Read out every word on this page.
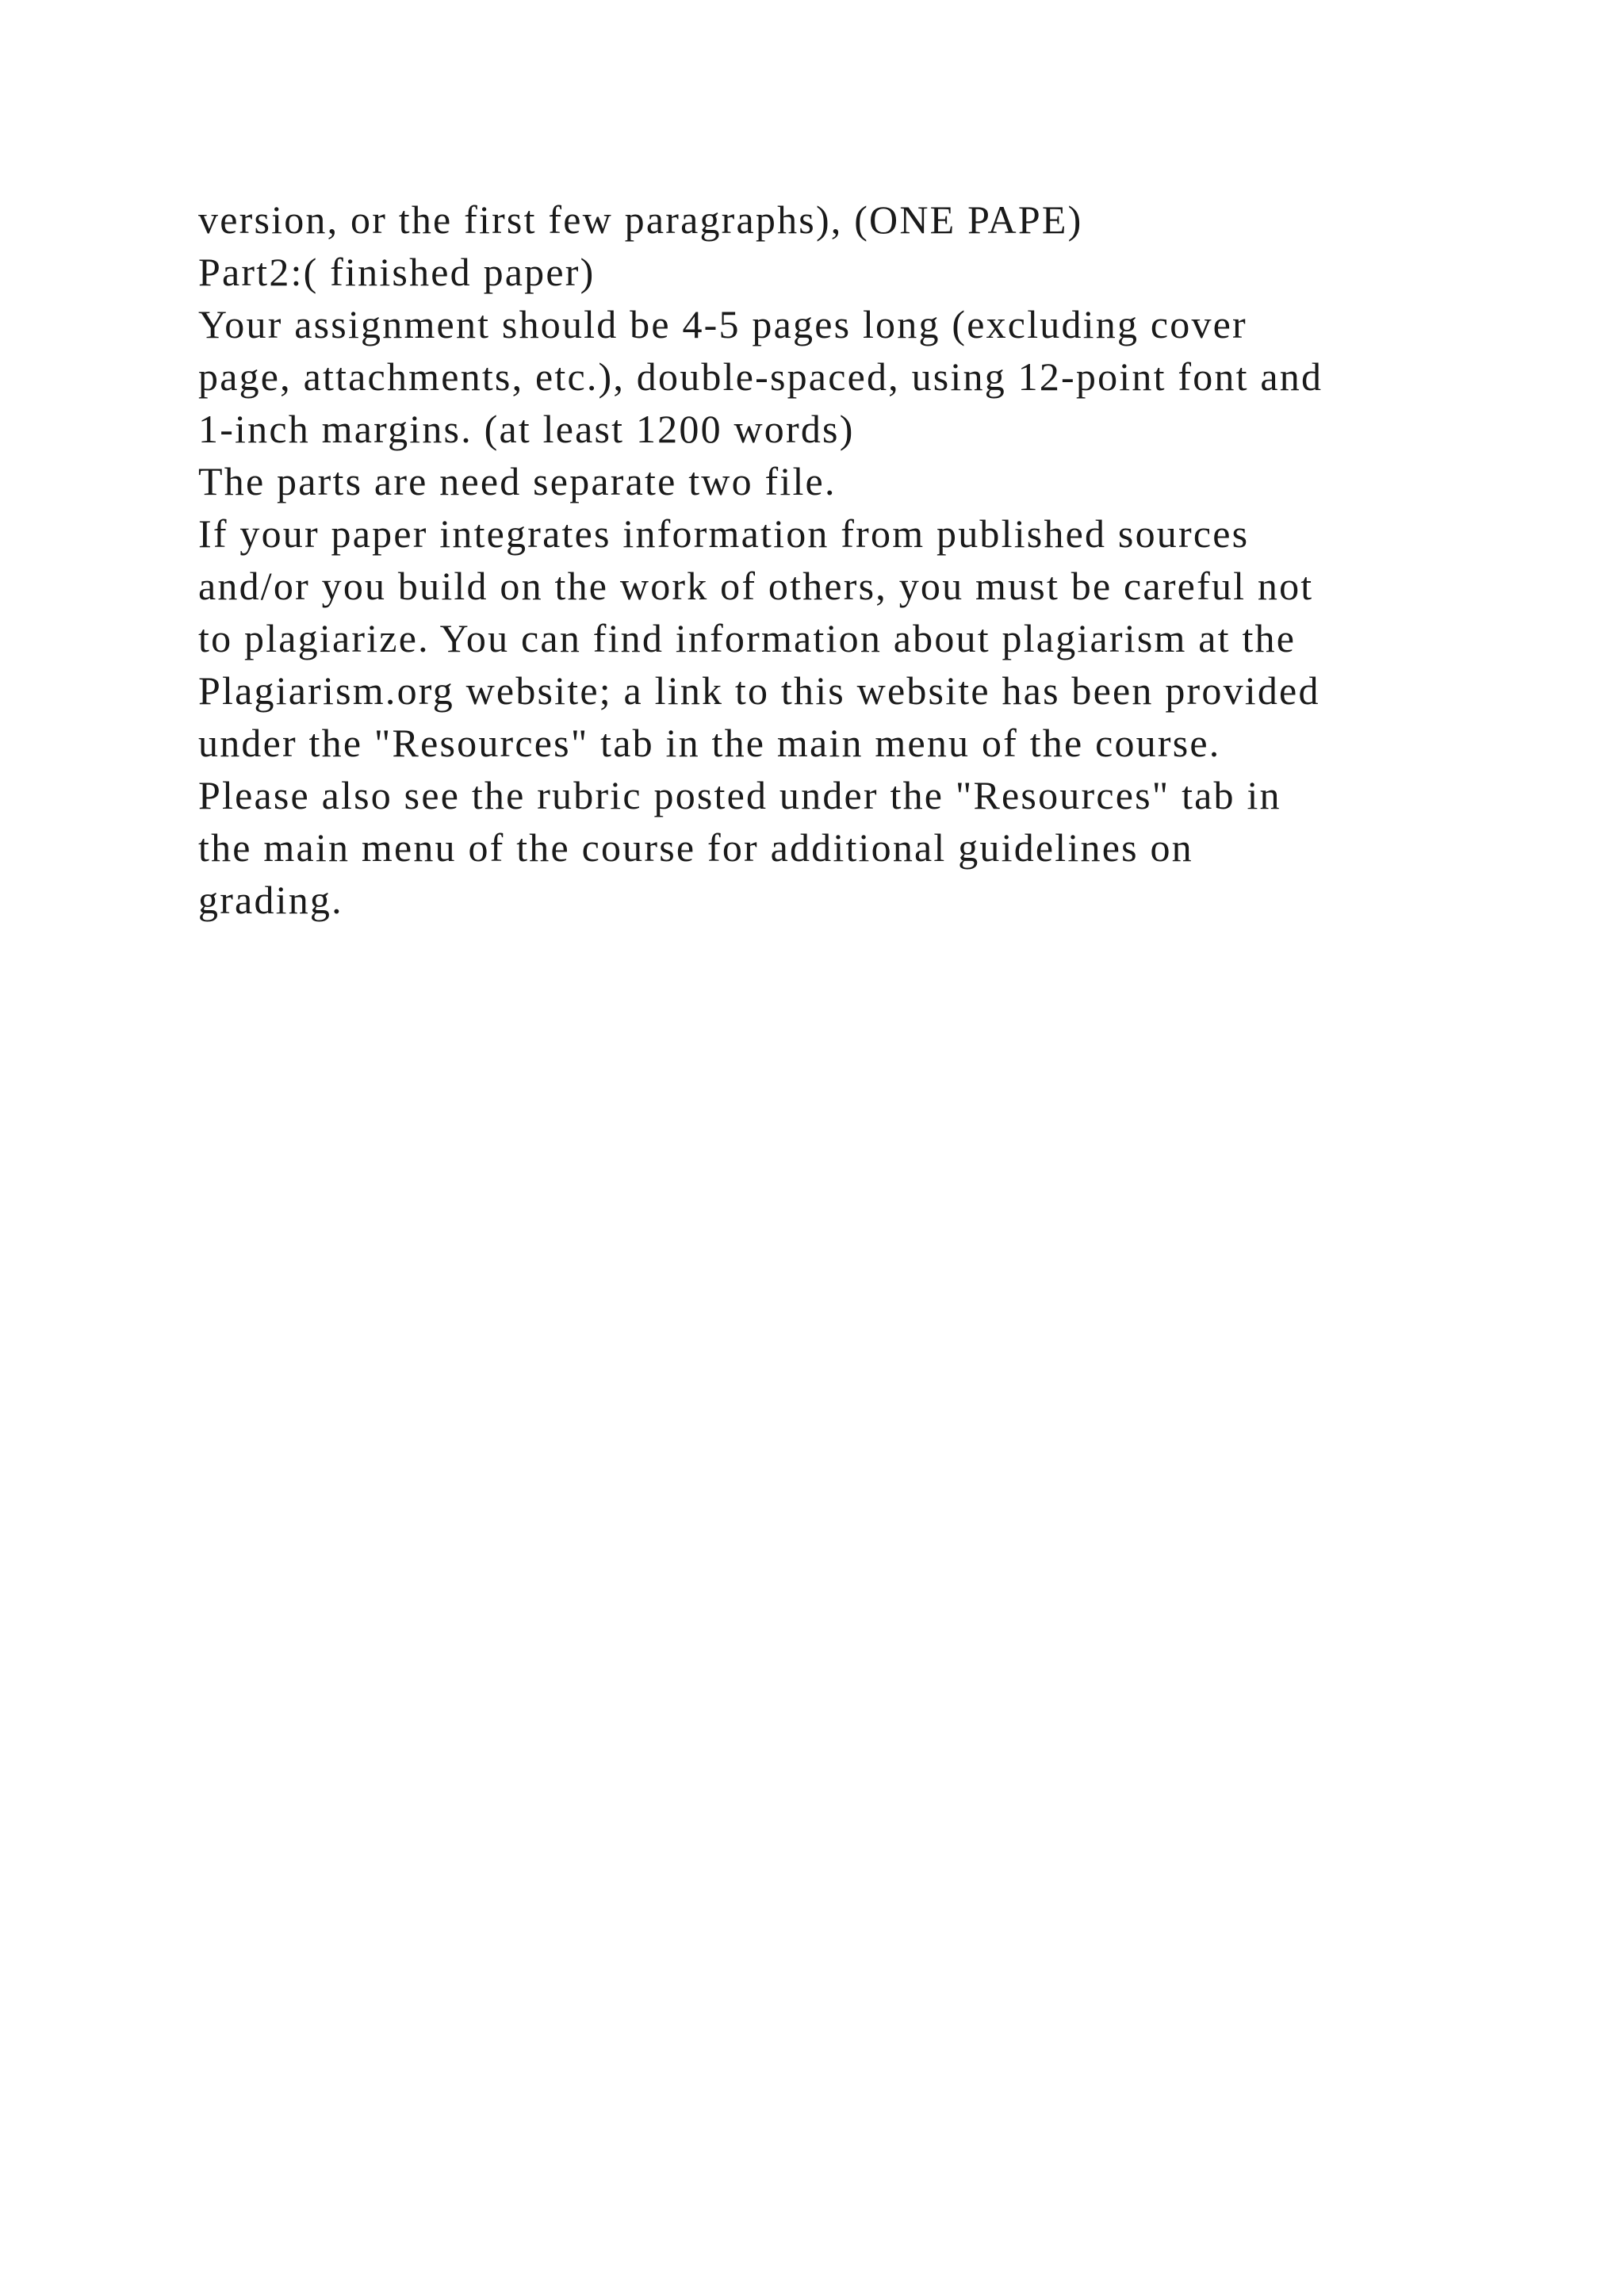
version, or the first few paragraphs), (ONE PAPE)
Part2:( finished paper)
Your assignment should be 4-5 pages long (excluding cover
page, attachments, etc.), double-spaced, using 12-point font and
1-inch margins. (at least 1200 words)
The parts are need separate two file.
If your paper integrates information from published sources
and/or you build on the work of others, you must be careful not
to plagiarize. You can find information about plagiarism at the
Plagiarism.org website; a link to this website has been provided
under the "Resources" tab in the main menu of the course.
Please also see the rubric posted under the "Resources" tab in
the main menu of the course for additional guidelines on
grading.
